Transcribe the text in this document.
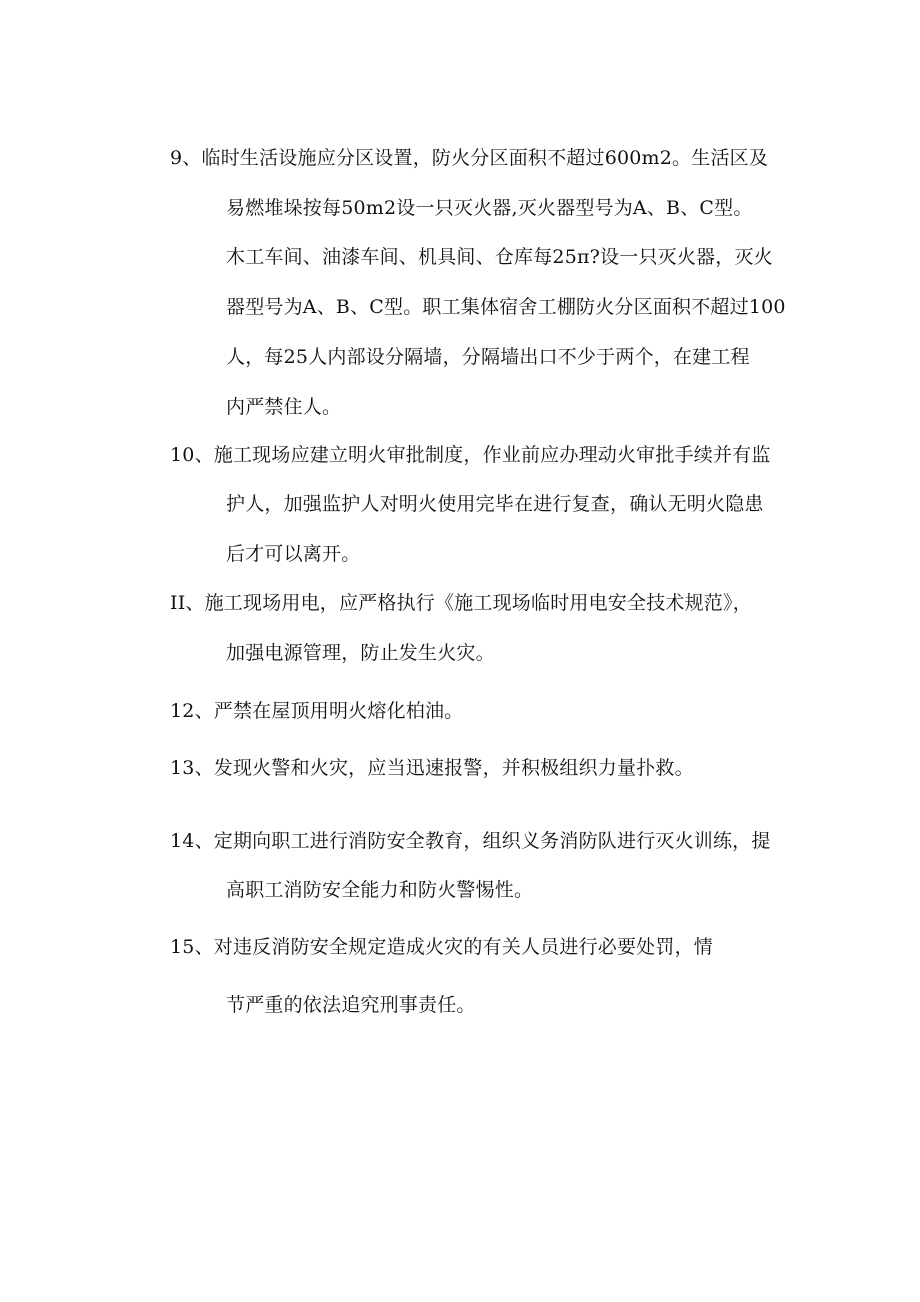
9、临时生活设施应分区设置，防火分区面积不超过600m2。生活区及
易燃堆垛按每50m2设一只灭火器,灭火器型号为A、B、C型。
木工车间、油漆车间、机具间、仓库每25π?设一只灭火器，灭火
器型号为A、B、C型。职工集体宿舍工棚防火分区面积不超过100
人，每25人内部设分隔墙，分隔墙出口不少于两个，在建工程
内严禁住人。
10、施工现场应建立明火审批制度，作业前应办理动火审批手续并有监
护人，加强监护人对明火使用完毕在进行复查，确认无明火隐患
后才可以离开。
II、施工现场用电，应严格执行《施工现场临时用电安全技术规范》，
加强电源管理，防止发生火灾。
12、严禁在屋顶用明火熔化柏油。
13、发现火警和火灾，应当迅速报警，并积极组织力量扑救。
14、定期向职工进行消防安全教育，组织义务消防队进行灭火训练，提
高职工消防安全能力和防火警惕性。
15、对违反消防安全规定造成火灾的有关人员进行必要处罚，情
节严重的依法追究刑事责任。
